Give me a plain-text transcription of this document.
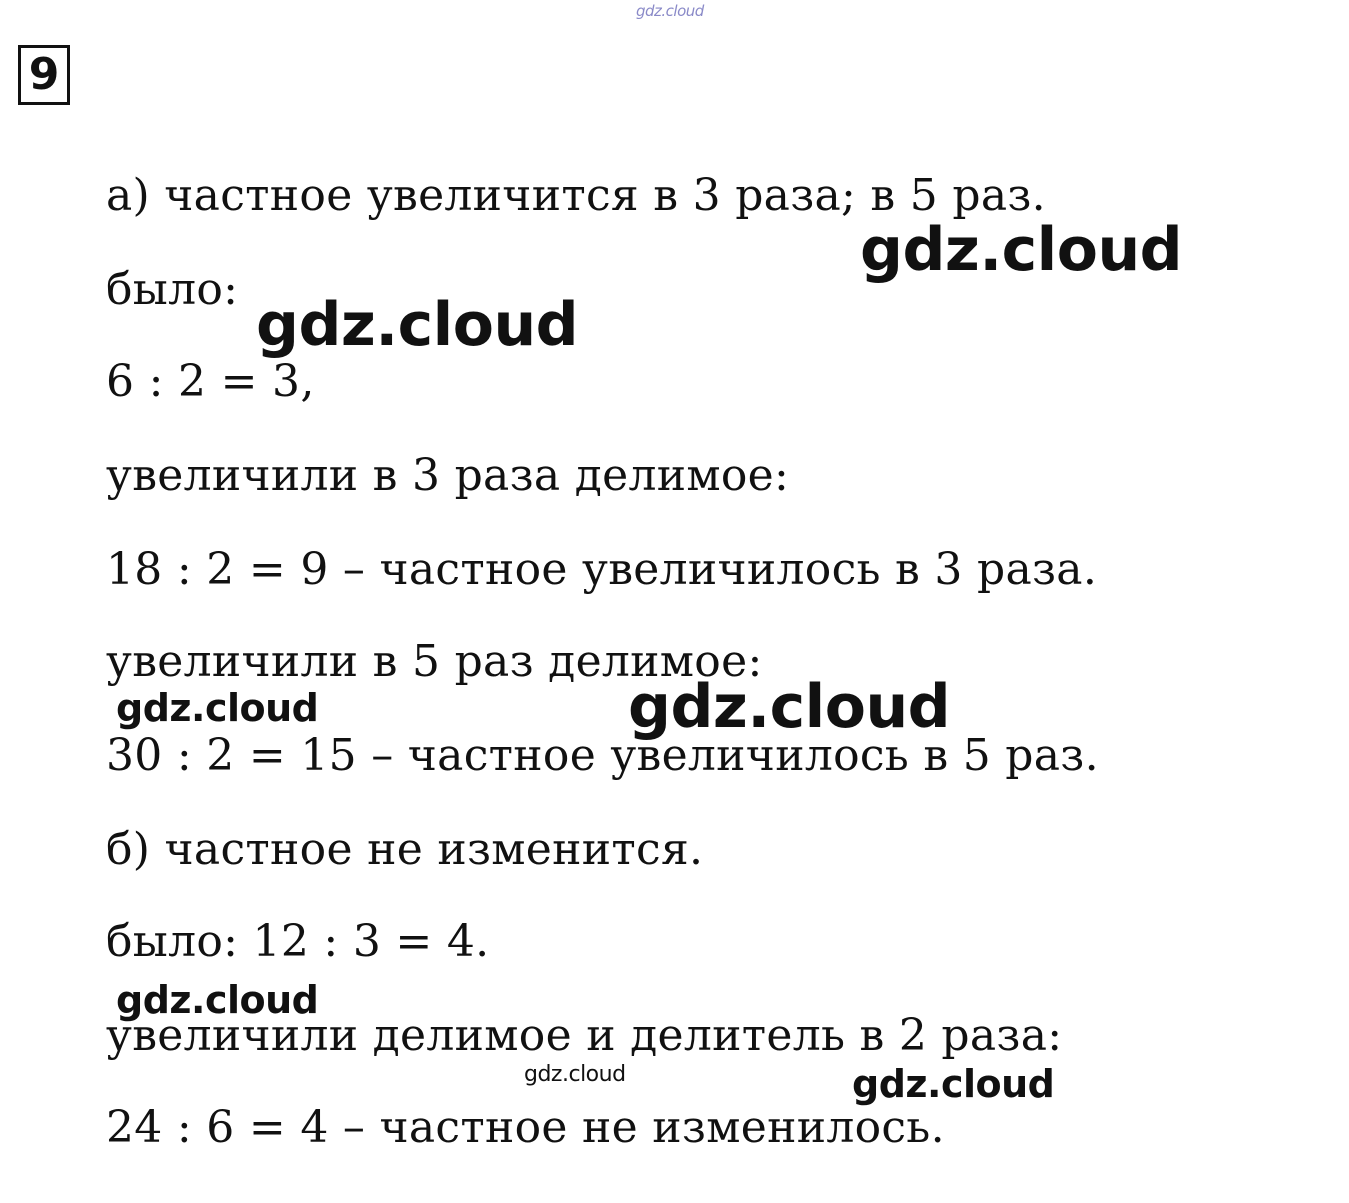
gdz.cloud
9
а) частное увеличится в 3 раза; в 5 раз.
было:
6 : 2 = 3,
увеличили в 3 раза делимое:
18 : 2 = 9 – частное увеличилось в 3 раза.
увеличили в 5 раз делимое:
30 : 2 = 15 – частное увеличилось в 5 раз.
б) частное не изменится.
было: 12 : 3 = 4.
увеличили делимое и делитель в 2 раза:
24 : 6 = 4 – частное не изменилось.
gdz.cloud
gdz.cloud
gdz.cloud	gdz.cloud
gdz.cloud
gdz.cloud	gdz.cloud
